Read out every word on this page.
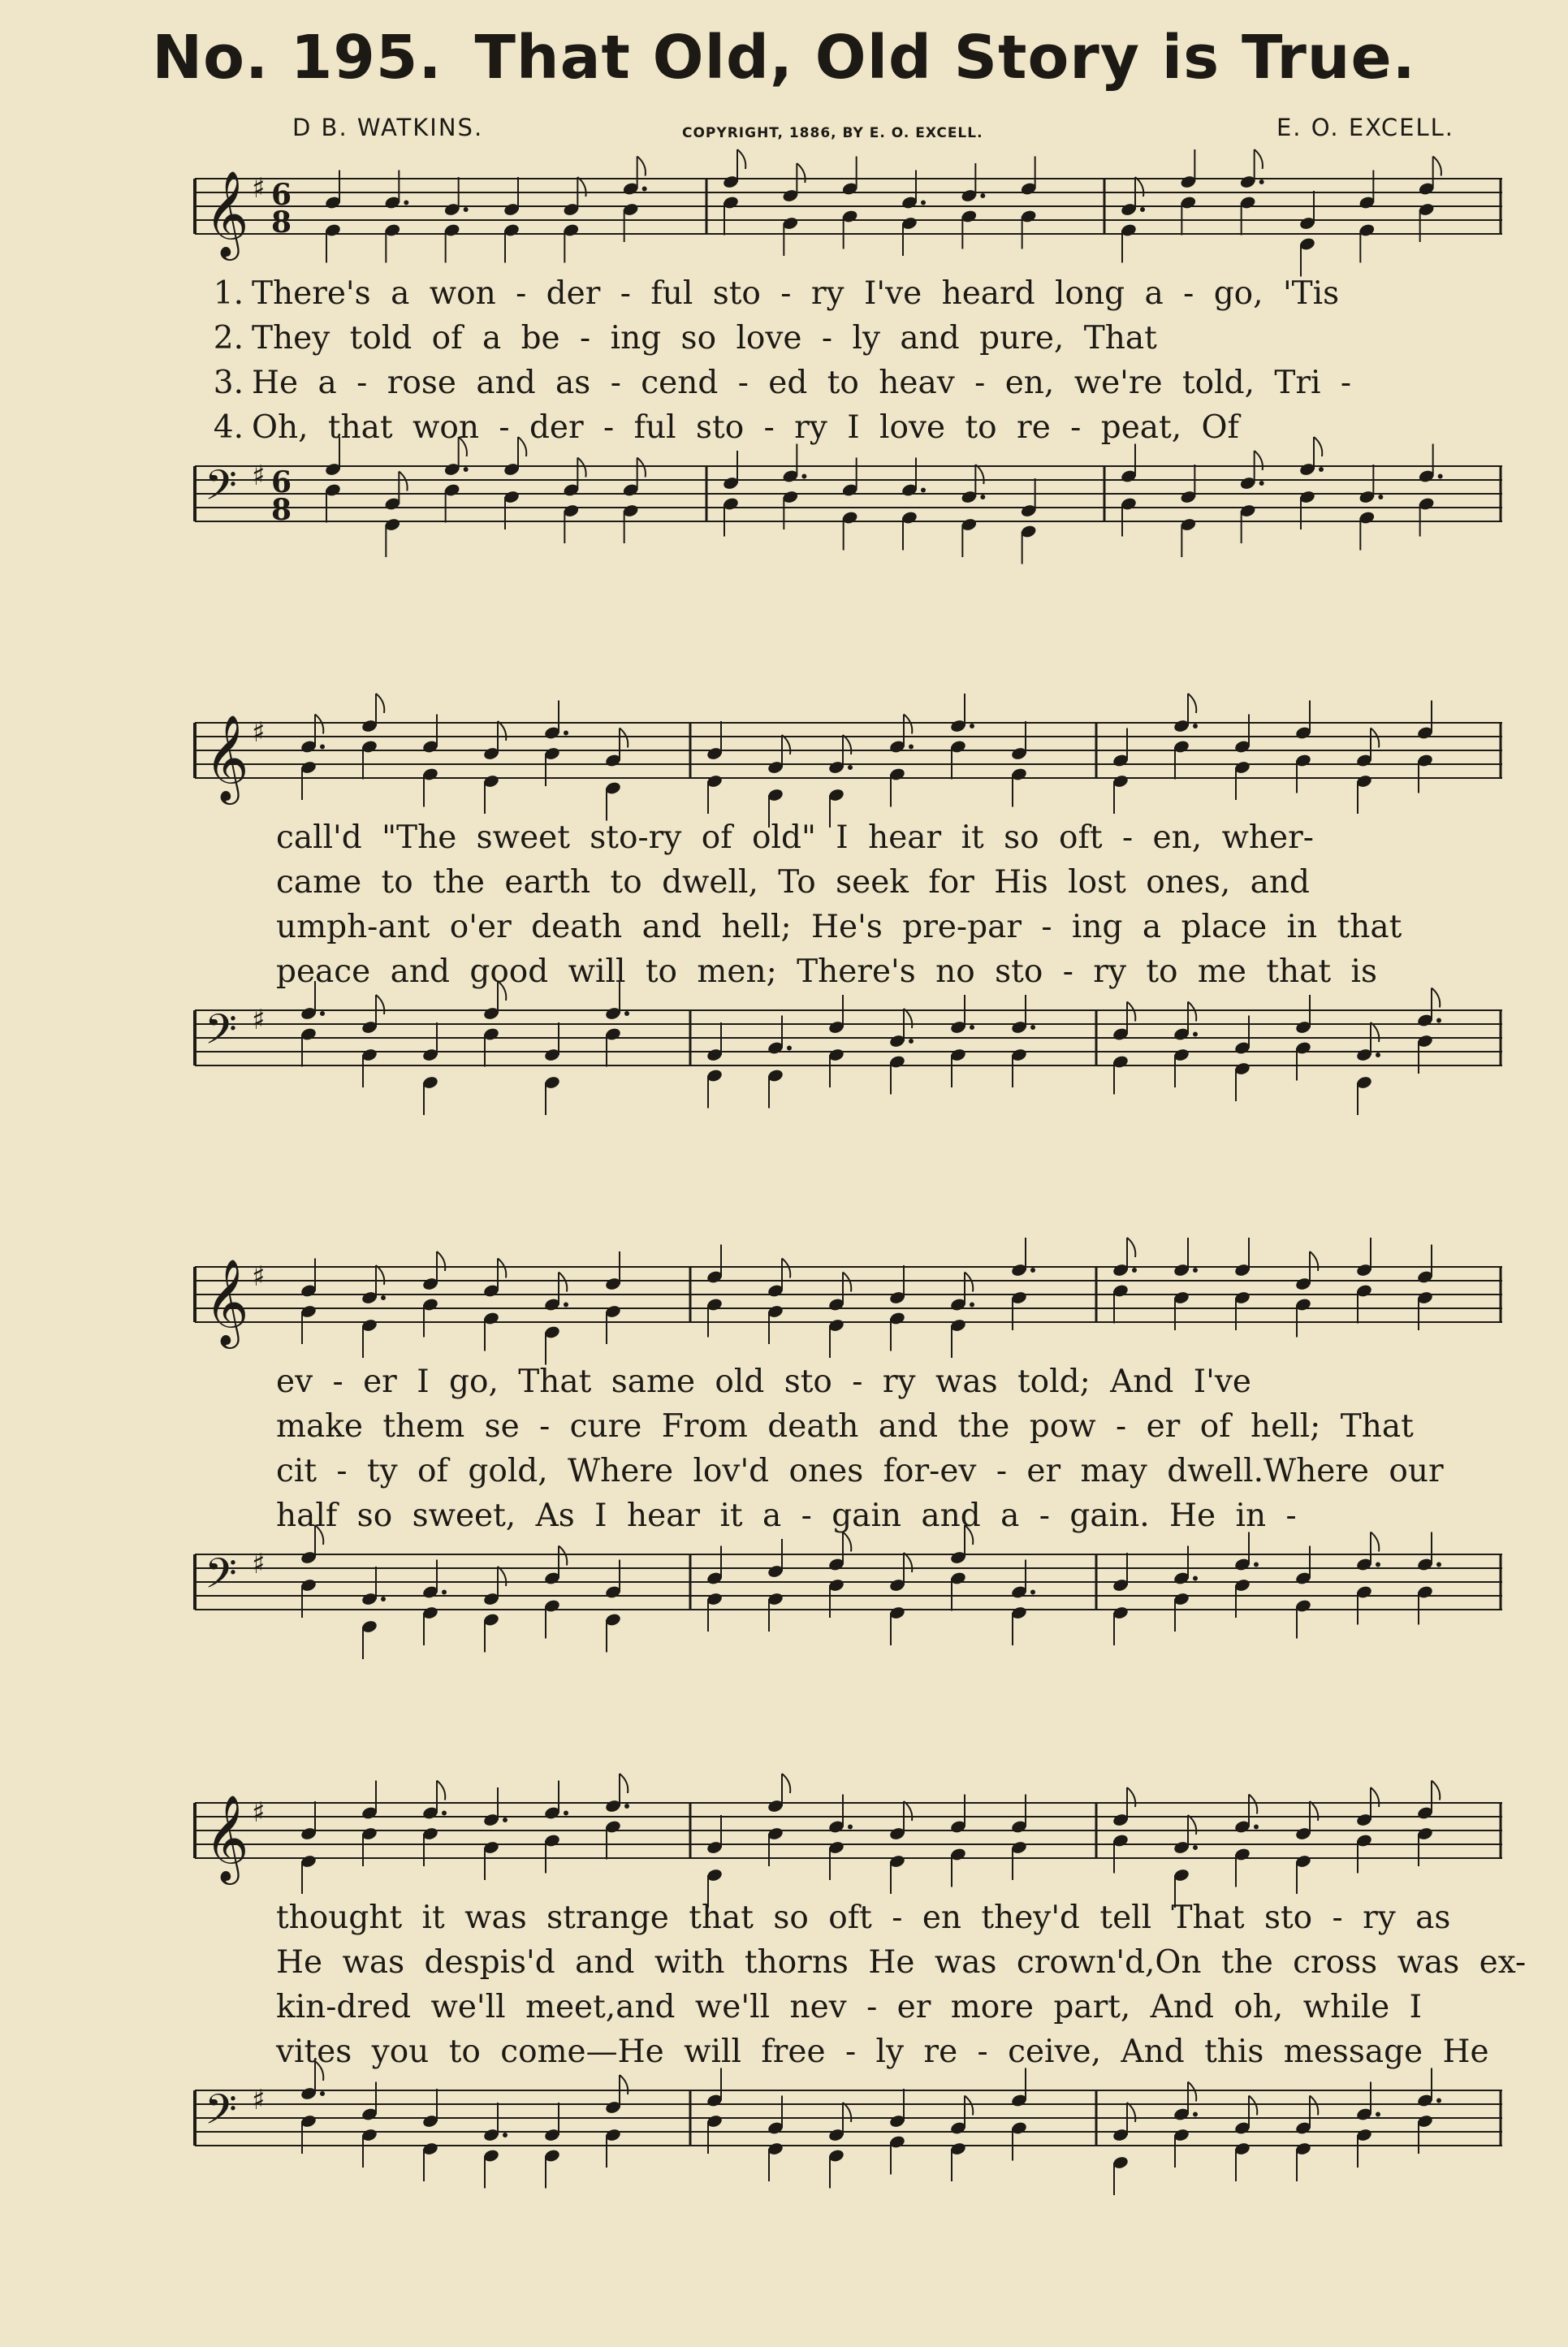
No. 195. That Old, Old Story is True.
D B. WATKINS.	COPYRIGHT, 1886, BY E. O. EXCELL.	E. O. EXCELL.
𝄞 ♯ 6
8
1. There's a won - der - ful sto - ry I've heard long a - go, 'Tis
2. They told of a be - ing so love - ly and pure, That
3. He a - rose and as - cend - ed to heav - en, we're told, Tri -
4. Oh, that won - der - ful sto - ry I love to re - peat, Of
𝄢 ♯ 6
8
𝄞 ♯
call'd "The sweet sto-ry of old" I hear it so oft - en, wher-
came to the earth to dwell, To seek for His lost ones, and
umph-ant o'er death and hell; He's pre-par - ing a place in that
peace and good will to men; There's no sto - ry to me that is
𝄢 ♯
𝄞 ♯
ev - er I go, That same old sto - ry was told; And I've
make them se - cure From death and the pow - er of hell; That
cit - ty of gold, Where lov'd ones for-ev - er may dwell.Where our
half so sweet, As I hear it a - gain and a - gain. He in -
𝄢 ♯
𝄞 ♯
thought it was strange that so oft - en they'd tell That sto - ry as
He was despis'd and with thorns He was crown'd,On the cross was ex-
kin-dred we'll meet,and we'll nev - er more part, And oh, while I
vites you to come—He will free - ly re - ceive, And this message He
𝄢 ♯
